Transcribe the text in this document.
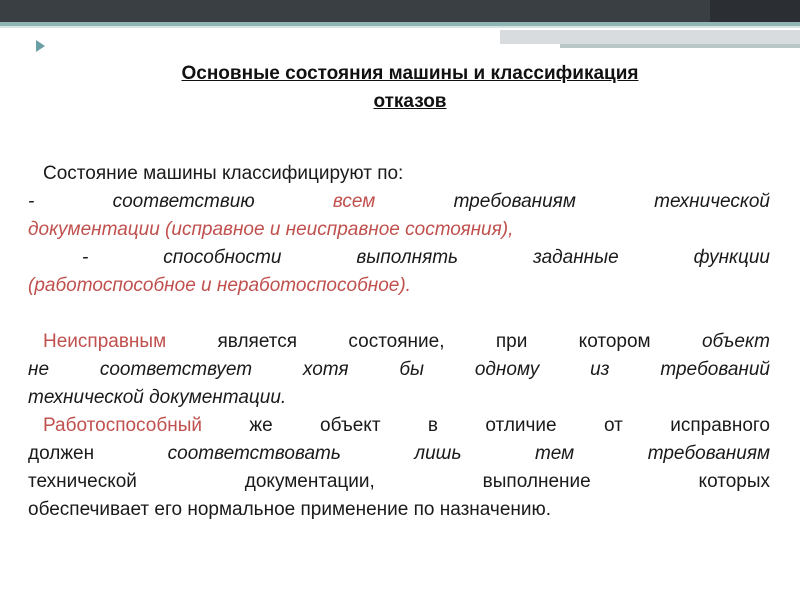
Основные состояния машины и классификация
отказов

Состояние машины классифицируют по:

- соответствию всем требованиям технической

документации (исправное и неисправное состояния),

- способности выполнять заданные функции

(работоспособное и неработоспособное).

Неисправным является состояние, при котором объект

не соответствует хотя бы одному из требований

технической документации.

Работоспособный же объект в отличие от исправного

должен соответствовать лишь тем требованиям

технической документации, выполнение которых

обеспечивает его нормальное применение по назначению.
